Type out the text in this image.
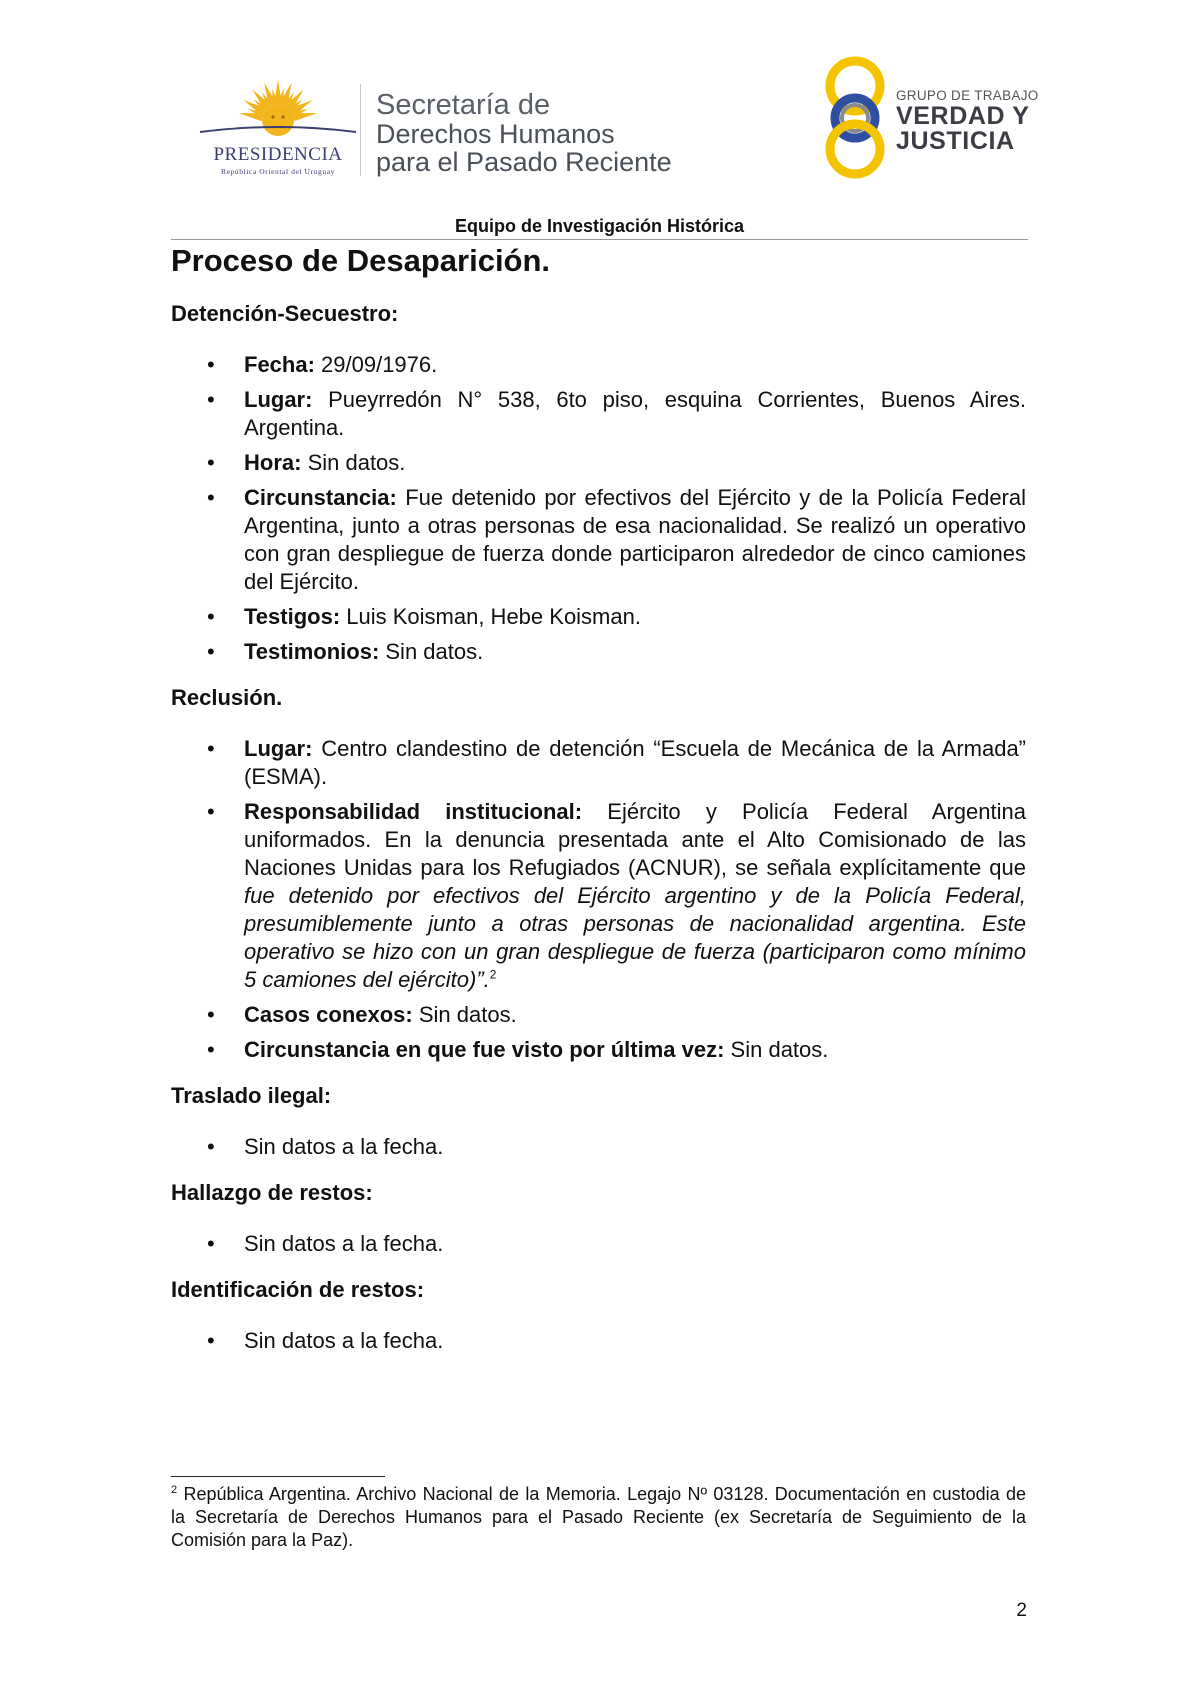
PRESIDENCIA
República Oriental del Uruguay
Secretaría de
Derechos Humanos
para el Pasado Reciente
GRUPO DE TRABAJO
VERDAD Y
JUSTICIA
Equipo de Investigación Histórica
Proceso de Desaparición.
Detención-Secuestro:
• Fecha: 29/09/1976.
• Lugar: Pueyrredón N° 538, 6to piso, esquina Corrientes, Buenos Aires. Argentina.
• Hora: Sin datos.
• Circunstancia: Fue detenido por efectivos del Ejército y de la Policía Federal Argentina, junto a otras personas de esa nacionalidad. Se realizó un operativo con gran despliegue de fuerza donde participaron alrededor de cinco camiones del Ejército.
• Testigos: Luis Koisman, Hebe Koisman.
• Testimonios: Sin datos.
Reclusión.
• Lugar: Centro clandestino de detención “Escuela de Mecánica de la Armada” (ESMA).
• Responsabilidad institucional: Ejército y Policía Federal Argentina uniformados. En la denuncia presentada ante el Alto Comisionado de las Naciones Unidas para los Refugiados (ACNUR), se señala explícitamente que fue detenido por efectivos del Ejército argentino y de la Policía Federal, presumiblemente junto a otras personas de nacionalidad argentina. Este operativo se hizo con un gran despliegue de fuerza (participaron como mínimo 5 camiones del ejército)”.$^2$
• Casos conexos: Sin datos.
• Circunstancia en que fue visto por última vez: Sin datos.
Traslado ilegal:
• Sin datos a la fecha.
Hallazgo de restos:
• Sin datos a la fecha.
Identificación de restos:
• Sin datos a la fecha.
$^2$ República Argentina. Archivo Nacional de la Memoria. Legajo Nº 03128. Documentación en custodia de la Secretaría de Derechos Humanos para el Pasado Reciente (ex Secretaría de Seguimiento de la Comisión para la Paz).
2
